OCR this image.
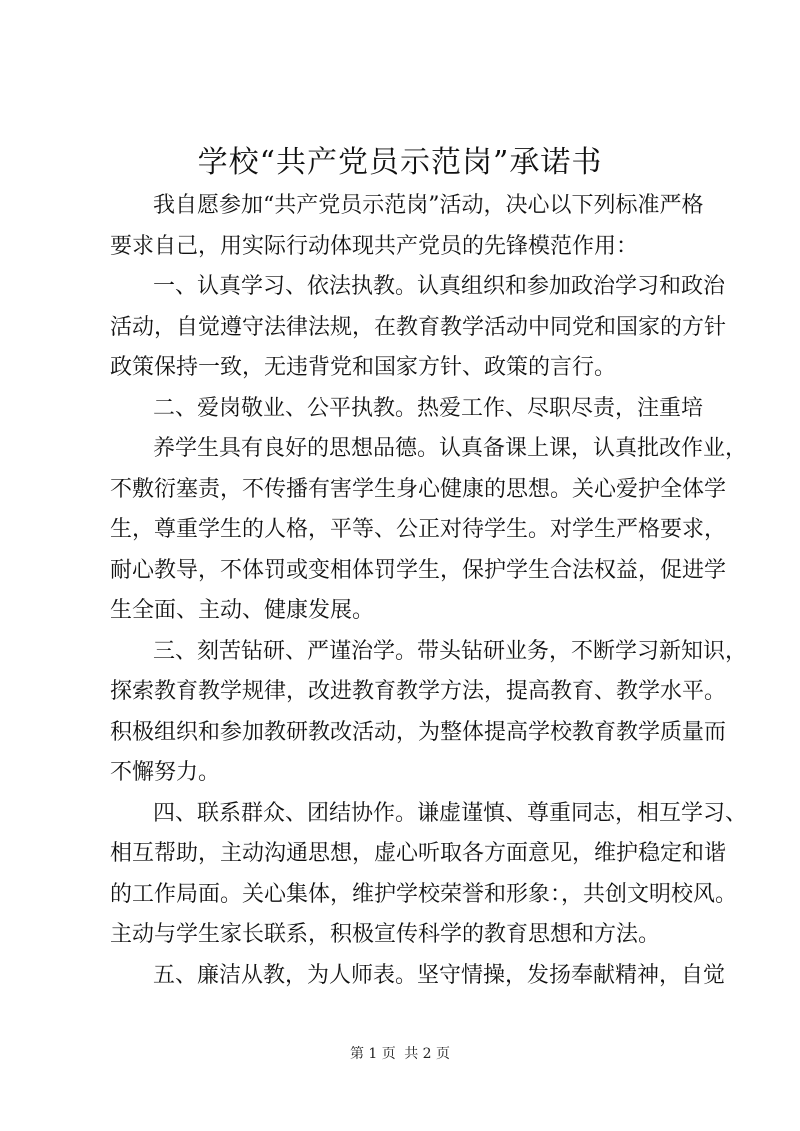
学校“共产党员示范岗”承诺书
我自愿参加“共产党员示范岗”活动，决心以下列标准严格
要求自己，用实际行动体现共产党员的先锋模范作用：
一、认真学习、依法执教。认真组织和参加政治学习和政治
活动，自觉遵守法律法规，在教育教学活动中同党和国家的方针
政策保持一致，无违背党和国家方针、政策的言行。
二、爱岗敬业、公平执教。热爱工作、尽职尽责，注重培
养学生具有良好的思想品德。认真备课上课，认真批改作业，
不敷衍塞责，不传播有害学生身心健康的思想。关心爱护全体学
生，尊重学生的人格，平等、公正对待学生。对学生严格要求，
耐心教导，不体罚或变相体罚学生，保护学生合法权益，促进学
生全面、主动、健康发展。
三、刻苦钻研、严谨治学。带头钻研业务，不断学习新知识，
探索教育教学规律，改进教育教学方法，提高教育、教学水平。
积极组织和参加教研教改活动，为整体提高学校教育教学质量而
不懈努力。
四、联系群众、团结协作。谦虚谨慎、尊重同志，相互学习、
相互帮助，主动沟通思想，虚心听取各方面意见，维护稳定和谐
的工作局面。关心集体，维护学校荣誉和形象：，共创文明校风。
主动与学生家长联系，积极宣传科学的教育思想和方法。
五、廉洁从教，为人师表。坚守情操，发扬奉献精神，自觉
第 1 页 共 2 页
